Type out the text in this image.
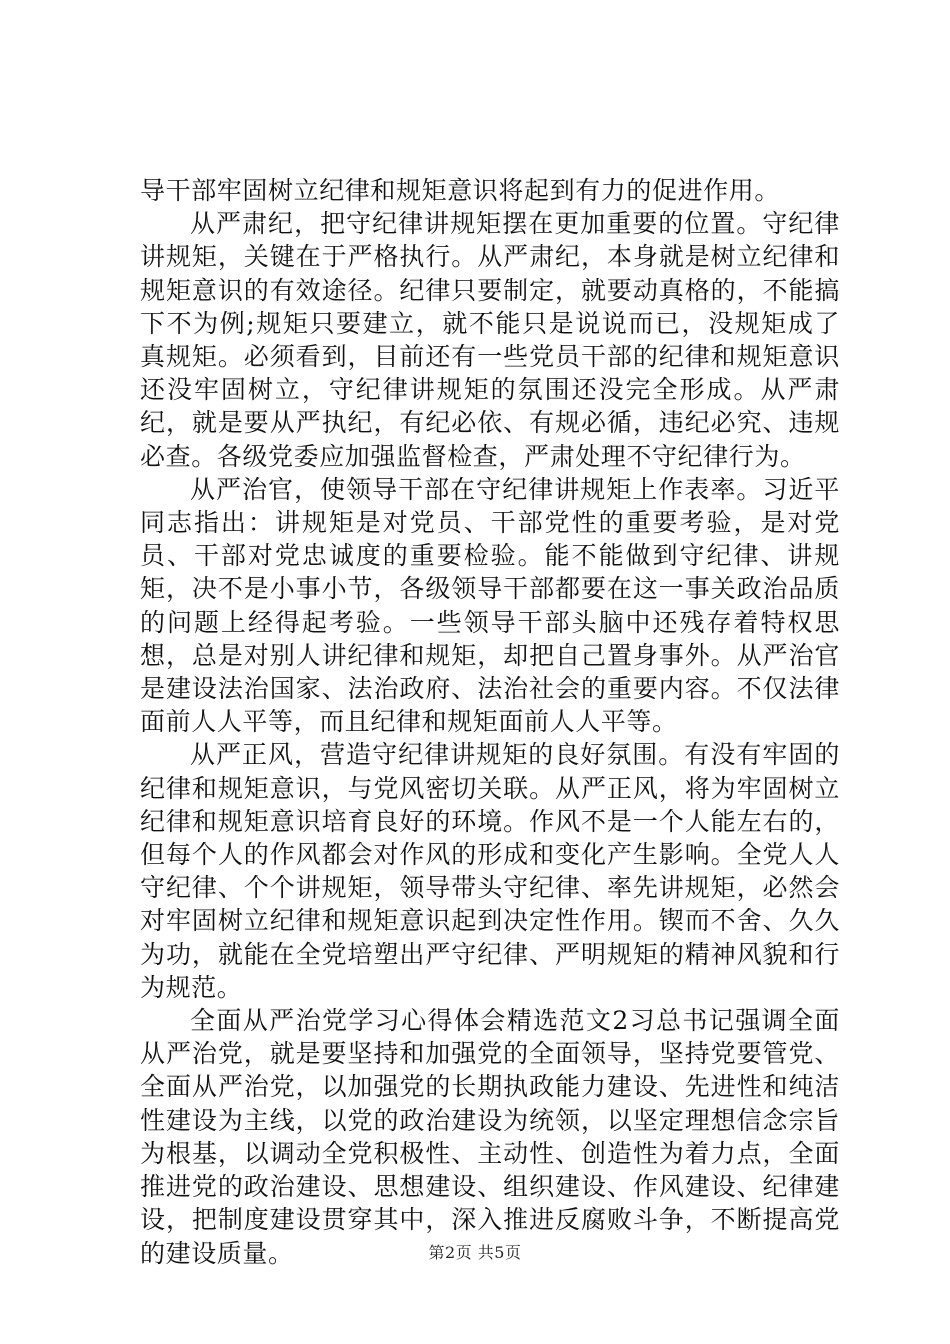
导干部牢固树立纪律和规矩意识将起到有力的促进作用。

从严肃纪，把守纪律讲规矩摆在更加重要的位置。守纪律讲规矩，关键在于严格执行。从严肃纪，本身就是树立纪律和规矩意识的有效途径。纪律只要制定，就要动真格的，不能搞下不为例;规矩只要建立，就不能只是说说而已，没规矩成了真规矩。必须看到，目前还有一些党员干部的纪律和规矩意识还没牢固树立，守纪律讲规矩的氛围还没完全形成。从严肃纪，就是要从严执纪，有纪必依、有规必循，违纪必究、违规必查。各级党委应加强监督检查，严肃处理不守纪律行为。

从严治官，使领导干部在守纪律讲规矩上作表率。习近平同志指出：讲规矩是对党员、干部党性的重要考验，是对党员、干部对党忠诚度的重要检验。能不能做到守纪律、讲规矩，决不是小事小节，各级领导干部都要在这一事关政治品质的问题上经得起考验。一些领导干部头脑中还残存着特权思想，总是对别人讲纪律和规矩，却把自己置身事外。从严治官是建设法治国家、法治政府、法治社会的重要内容。不仅法律面前人人平等，而且纪律和规矩面前人人平等。

从严正风，营造守纪律讲规矩的良好氛围。有没有牢固的纪律和规矩意识，与党风密切关联。从严正风，将为牢固树立纪律和规矩意识培育良好的环境。作风不是一个人能左右的，但每个人的作风都会对作风的形成和变化产生影响。全党人人守纪律、个个讲规矩，领导带头守纪律、率先讲规矩，必然会对牢固树立纪律和规矩意识起到决定性作用。锲而不舍、久久为功，就能在全党培塑出严守纪律、严明规矩的精神风貌和行为规范。

全面从严治党学习心得体会精选范文2习总书记强调全面从严治党，就是要坚持和加强党的全面领导，坚持党要管党、全面从严治党，以加强党的长期执政能力建设、先进性和纯洁性建设为主线，以党的政治建设为统领，以坚定理想信念宗旨为根基，以调动全党积极性、主动性、创造性为着力点，全面推进党的政治建设、思想建设、组织建设、作风建设、纪律建设，把制度建设贯穿其中，深入推进反腐败斗争，不断提高党的建设质量。	第2页 共5页
